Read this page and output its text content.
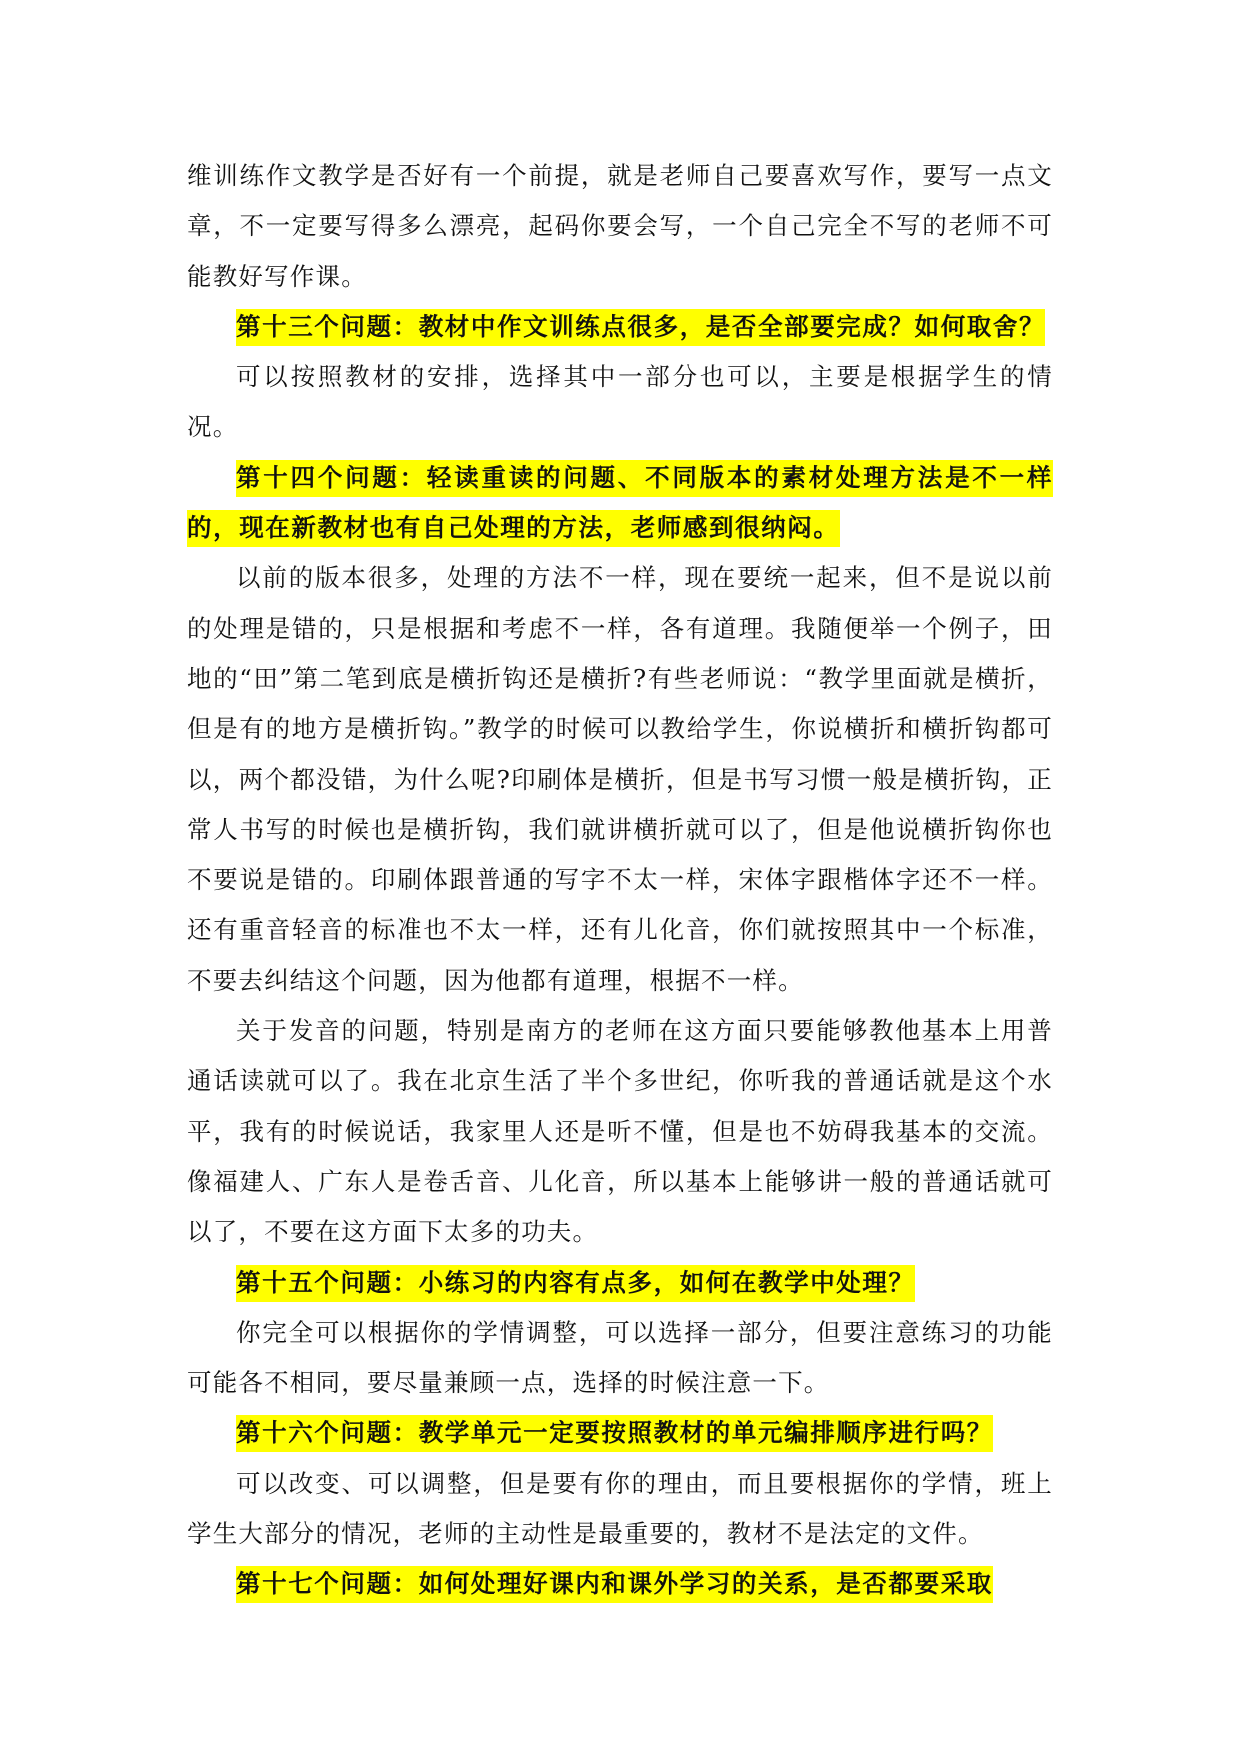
维训练作文教学是否好有一个前提，就是老师自己要喜欢写作，要写一点文章，不一定要写得多么漂亮，起码你要会写，一个自己完全不写的老师不可能教好写作课。

第十三个问题：教材中作文训练点很多，是否全部要完成？如何取舍？

可以按照教材的安排，选择其中一部分也可以，主要是根据学生的情况。

第十四个问题：轻读重读的问题、不同版本的素材处理方法是不一样的，现在新教材也有自己处理的方法，老师感到很纳闷。

以前的版本很多，处理的方法不一样，现在要统一起来，但不是说以前的处理是错的，只是根据和考虑不一样，各有道理。我随便举一个例子，田地的“田”第二笔到底是横折钩还是横折?有些老师说：“教学里面就是横折，但是有的地方是横折钩。”教学的时候可以教给学生，你说横折和横折钩都可以，两个都没错，为什么呢?印刷体是横折，但是书写习惯一般是横折钩，正常人书写的时候也是横折钩，我们就讲横折就可以了，但是他说横折钩你也不要说是错的。印刷体跟普通的写字不太一样，宋体字跟楷体字还不一样。还有重音轻音的标准也不太一样，还有儿化音，你们就按照其中一个标准，不要去纠结这个问题，因为他都有道理，根据不一样。

关于发音的问题，特别是南方的老师在这方面只要能够教他基本上用普通话读就可以了。我在北京生活了半个多世纪，你听我的普通话就是这个水平，我有的时候说话，我家里人还是听不懂，但是也不妨碍我基本的交流。像福建人、广东人是卷舌音、儿化音，所以基本上能够讲一般的普通话就可以了，不要在这方面下太多的功夫。

第十五个问题：小练习的内容有点多，如何在教学中处理？

你完全可以根据你的学情调整，可以选择一部分，但要注意练习的功能可能各不相同，要尽量兼顾一点，选择的时候注意一下。

第十六个问题：教学单元一定要按照教材的单元编排顺序进行吗？

可以改变、可以调整，但是要有你的理由，而且要根据你的学情，班上学生大部分的情况，老师的主动性是最重要的，教材不是法定的文件。

第十七个问题：如何处理好课内和课外学习的关系，是否都要采取
